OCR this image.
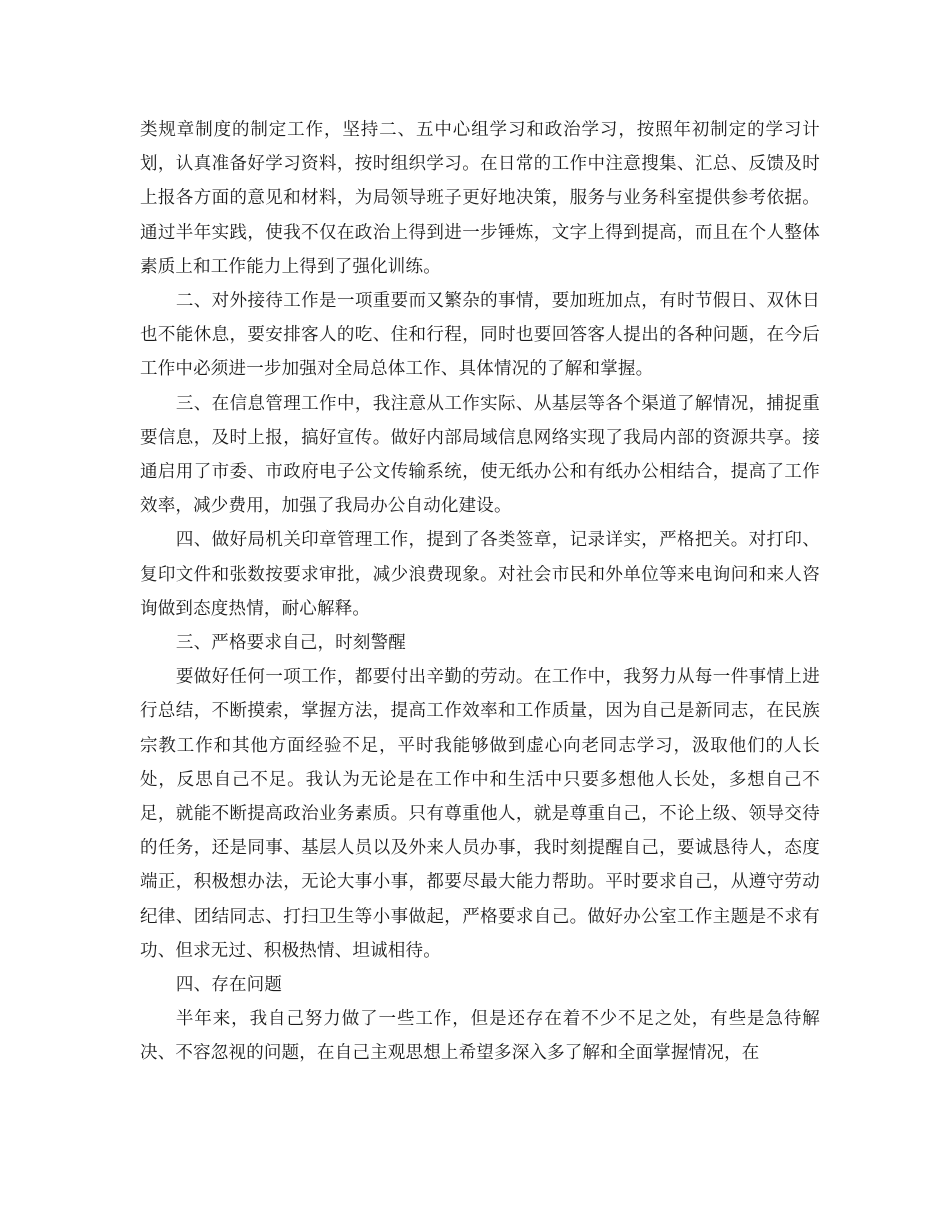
类规章制度的制定工作，坚持二、五中心组学习和政治学习，按照年初制定的学习计划，认真准备好学习资料，按时组织学习。在日常的工作中注意搜集、汇总、反馈及时上报各方面的意见和材料，为局领导班子更好地决策，服务与业务科室提供参考依据。通过半年实践，使我不仅在政治上得到进一步锤炼，文字上得到提高，而且在个人整体素质上和工作能力上得到了强化训练。

二、对外接待工作是一项重要而又繁杂的事情，要加班加点，有时节假日、双休日也不能休息，要安排客人的吃、住和行程，同时也要回答客人提出的各种问题，在今后工作中必须进一步加强对全局总体工作、具体情况的了解和掌握。

三、在信息管理工作中，我注意从工作实际、从基层等各个渠道了解情况，捕捉重要信息，及时上报，搞好宣传。做好内部局域信息网络实现了我局内部的资源共享。接通启用了市委、市政府电子公文传输系统，使无纸办公和有纸办公相结合，提高了工作效率，减少费用，加强了我局办公自动化建设。

四、做好局机关印章管理工作，提到了各类签章，记录详实，严格把关。对打印、复印文件和张数按要求审批，减少浪费现象。对社会市民和外单位等来电询问和来人咨询做到态度热情，耐心解释。

三、严格要求自己，时刻警醒

要做好任何一项工作，都要付出辛勤的劳动。在工作中，我努力从每一件事情上进行总结，不断摸索，掌握方法，提高工作效率和工作质量，因为自己是新同志，在民族宗教工作和其他方面经验不足，平时我能够做到虚心向老同志学习，汲取他们的人长处，反思自己不足。我认为无论是在工作中和生活中只要多想他人长处，多想自己不足，就能不断提高政治业务素质。只有尊重他人，就是尊重自己，不论上级、领导交待的任务，还是同事、基层人员以及外来人员办事，我时刻提醒自己，要诚恳待人，态度端正，积极想办法，无论大事小事，都要尽最大能力帮助。平时要求自己，从遵守劳动纪律、团结同志、打扫卫生等小事做起，严格要求自己。做好办公室工作主题是不求有功、但求无过、积极热情、坦诚相待。

四、存在问题

半年来，我自己努力做了一些工作，但是还存在着不少不足之处，有些是急待解决、不容忽视的问题，在自己主观思想上希望多深入多了解和全面掌握情况，在
